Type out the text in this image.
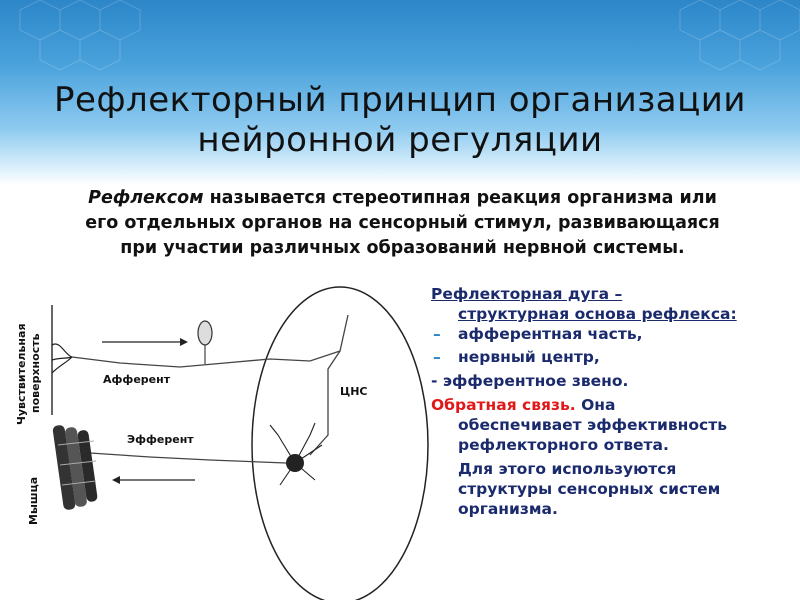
Рефлекторный принцип организации
нейронной регуляции
Рефлексом называется стереотипная реакция организма или
его отдельных органов на сенсорный стимул, развивающаяся
при участии различных образований нервной системы.
Афферент
ЦНС
Эфферент
Чувствительная поверхность
Мышца
Рефлекторная дуга –
структурная основа рефлекса:
– афферентная часть,
– нервный центр,
- эфферентное звено.
Обратная связь. Она
обеспечивает эффективность
рефлекторного ответа.
Для этого используются
структуры сенсорных систем
организма.
